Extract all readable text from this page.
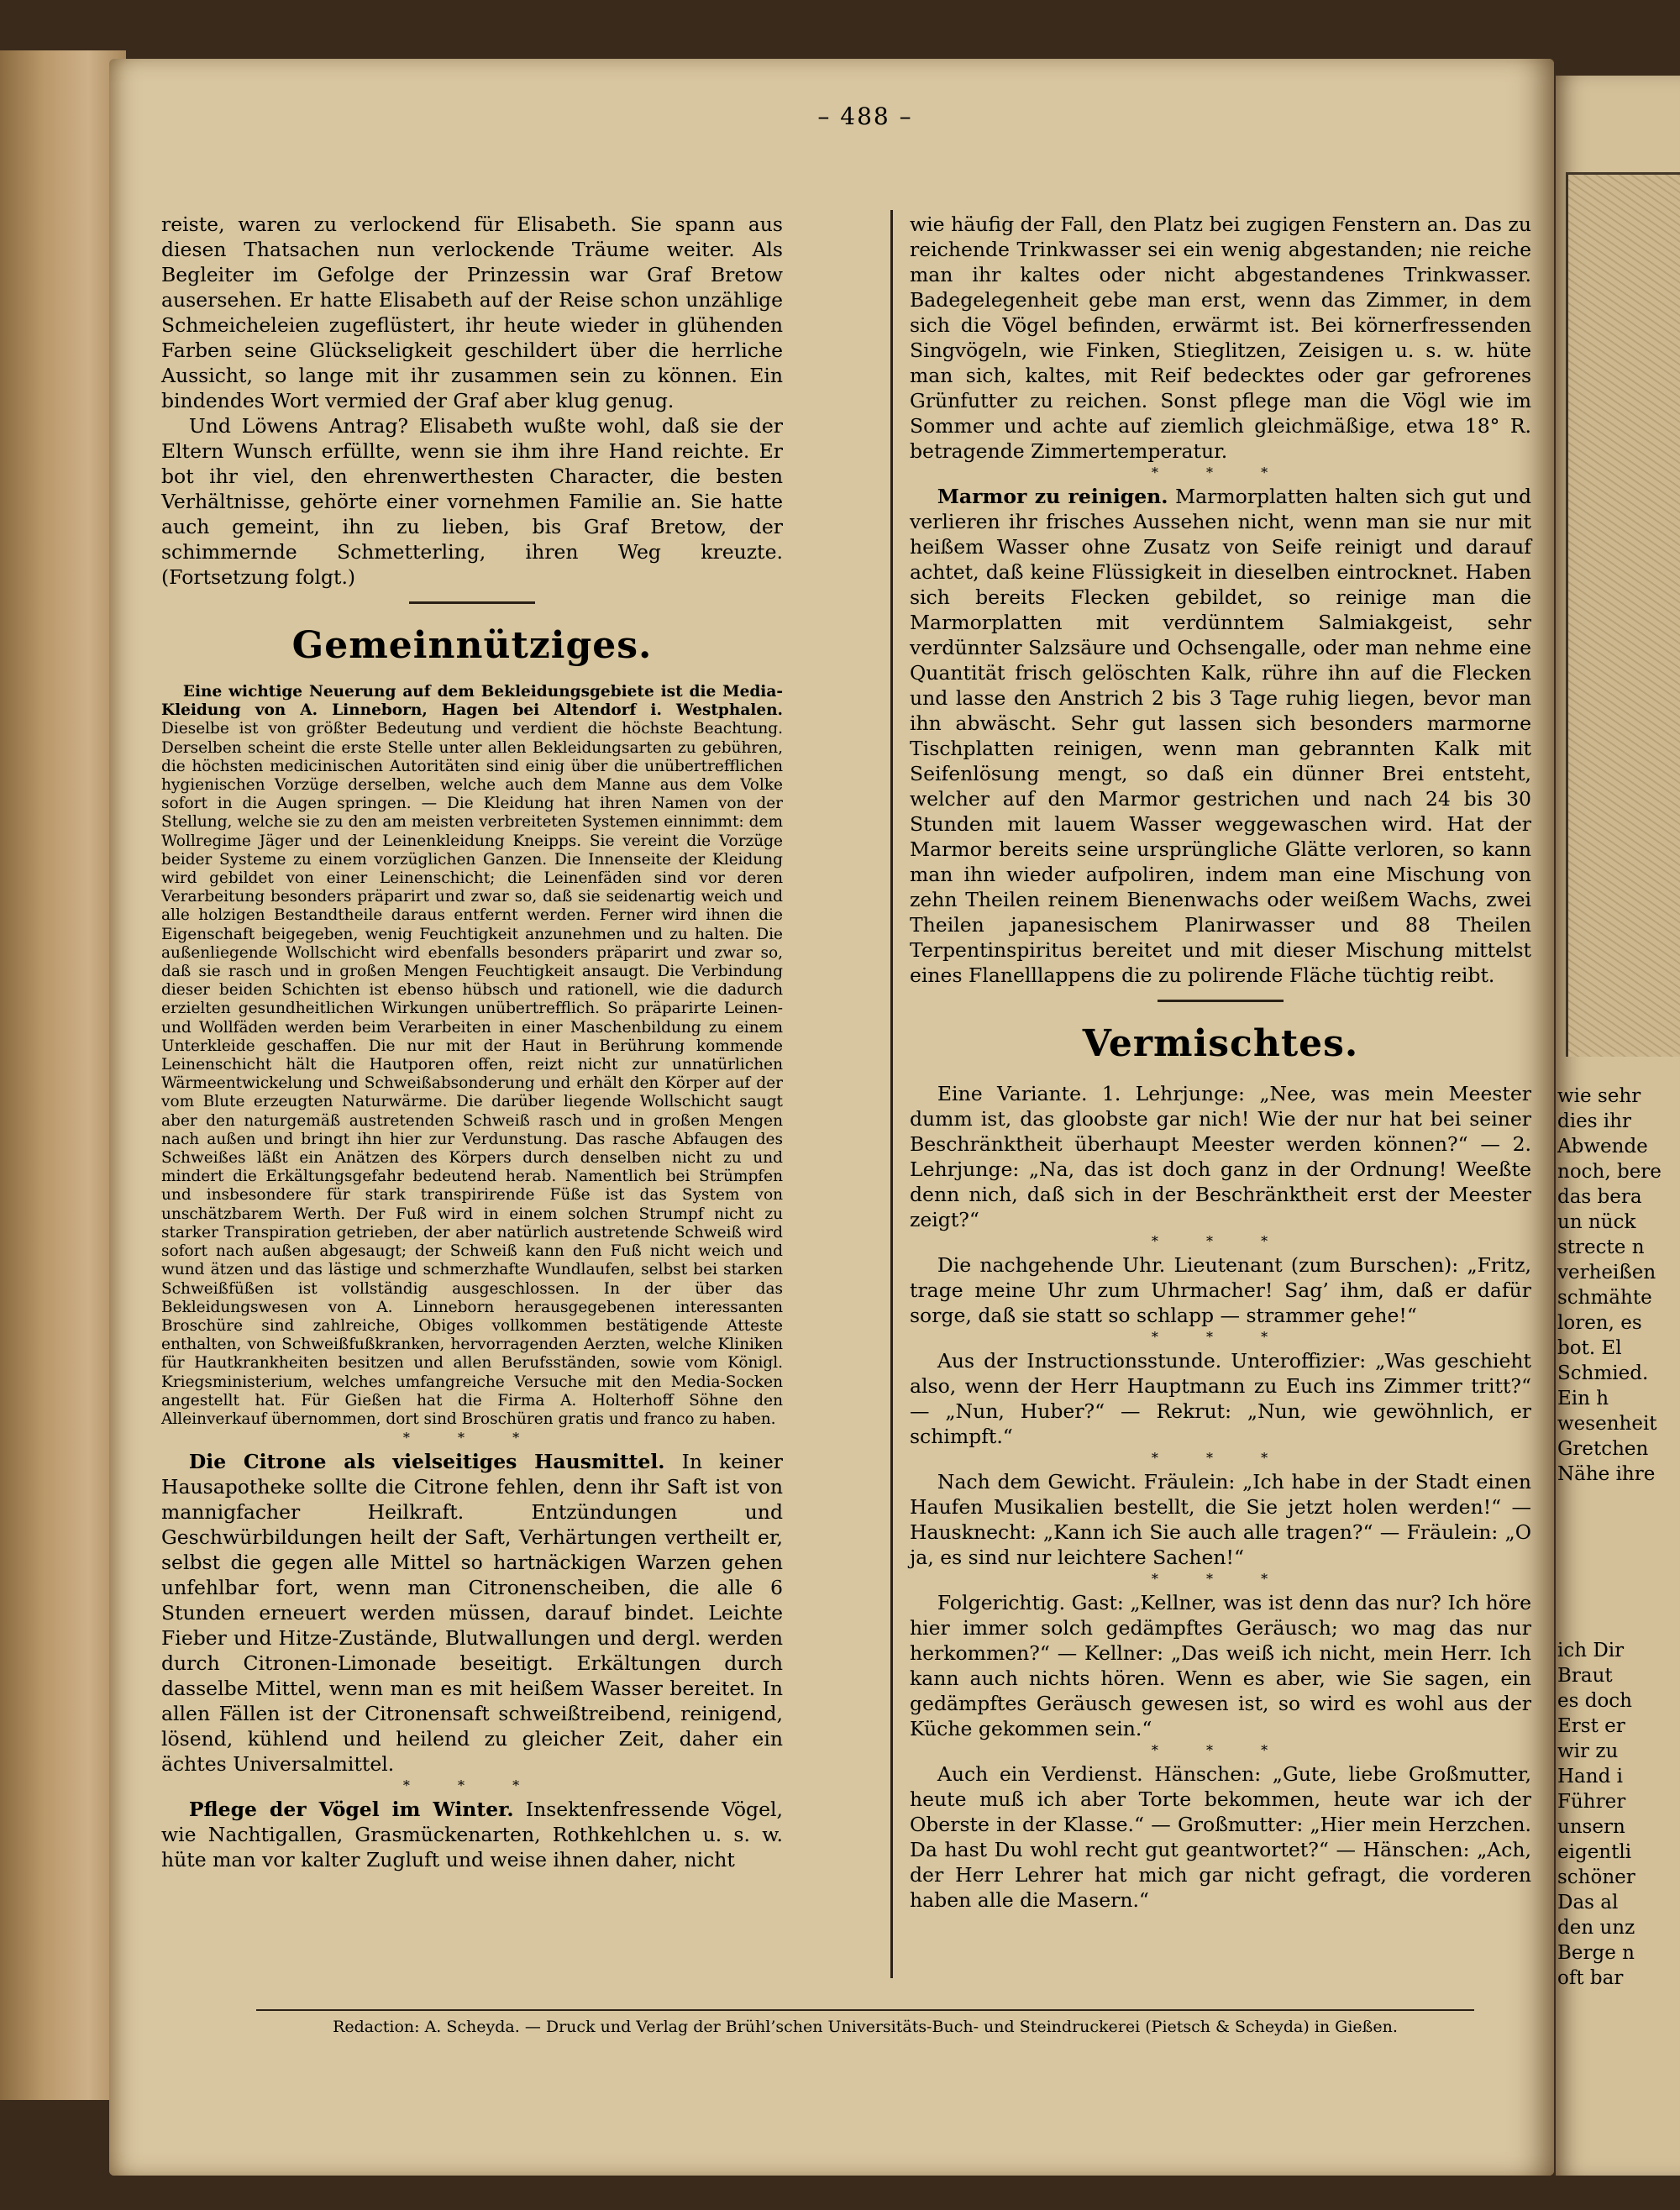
wie sehr
dies ihr
Abwende
noch, bere
das bera
un nück
strecte n
verheißen
schmähte
loren, es
bot. El
Schmied.
Ein h
wesenheit
Gretchen
Nähe ihre
ich Dir
Braut
es doch
Erst er
wir zu
Hand i
Führer
unsern
eigentli
schöner
Das al
den unz
Berge n
oft bar
– 488 –

reiste, waren zu verlockend für Elisabeth. Sie spann aus diesen Thatsachen nun verlockende Träume weiter. Als Begleiter im Gefolge der Prinzessin war Graf Bretow ausersehen. Er hatte Elisabeth auf der Reise schon unzählige Schmeicheleien zugeflüstert, ihr heute wieder in glühenden Farben seine Glückseligkeit geschildert über die herrliche Aussicht, so lange mit ihr zusammen sein zu können. Ein bindendes Wort vermied der Graf aber klug genug.

Und Löwens Antrag? Elisabeth wußte wohl, daß sie der Eltern Wunsch erfüllte, wenn sie ihm ihre Hand reichte. Er bot ihr viel, den ehrenwerthesten Character, die besten Verhältnisse, gehörte einer vornehmen Familie an. Sie hatte auch gemeint, ihn zu lieben, bis Graf Bretow, der schimmernde Schmetterling, ihren Weg kreuzte. (Fortsetzung folgt.)

Gemeinnütziges.

Eine wichtige Neuerung auf dem Bekleidungsgebiete ist die Media-Kleidung von A. Linneborn, Hagen bei Altendorf i. Westphalen. Dieselbe ist von größter Bedeutung und verdient die höchste Beachtung. Derselben scheint die erste Stelle unter allen Bekleidungsarten zu gebühren, die höchsten medicinischen Autoritäten sind einig über die unübertrefflichen hygienischen Vorzüge derselben, welche auch dem Manne aus dem Volke sofort in die Augen springen. — Die Kleidung hat ihren Namen von der Stellung, welche sie zu den am meisten verbreiteten Systemen einnimmt: dem Wollregime Jäger und der Leinenkleidung Kneipps. Sie vereint die Vorzüge beider Systeme zu einem vorzüglichen Ganzen. Die Innenseite der Kleidung wird gebildet von einer Leinenschicht; die Leinenfäden sind vor deren Verarbeitung besonders präparirt und zwar so, daß sie seidenartig weich und alle holzigen Bestandtheile daraus entfernt werden. Ferner wird ihnen die Eigenschaft beigegeben, wenig Feuchtigkeit anzunehmen und zu halten. Die außenliegende Wollschicht wird ebenfalls besonders präparirt und zwar so, daß sie rasch und in großen Mengen Feuchtigkeit ansaugt. Die Verbindung dieser beiden Schichten ist ebenso hübsch und rationell, wie die dadurch erzielten gesundheitlichen Wirkungen unübertrefflich. So präparirte Leinen- und Wollfäden werden beim Verarbeiten in einer Maschenbildung zu einem Unterkleide geschaffen. Die nur mit der Haut in Berührung kommende Leinenschicht hält die Hautporen offen, reizt nicht zur unnatürlichen Wärmeentwickelung und Schweißabsonderung und erhält den Körper auf der vom Blute erzeugten Naturwärme. Die darüber liegende Wollschicht saugt aber den naturgemäß austretenden Schweiß rasch und in großen Mengen nach außen und bringt ihn hier zur Verdunstung. Das rasche Abfaugen des Schweißes läßt ein Anätzen des Körpers durch denselben nicht zu und mindert die Erkältungsgefahr bedeutend herab. Namentlich bei Strümpfen und insbesondere für stark transpirirende Füße ist das System von unschätzbarem Werth. Der Fuß wird in einem solchen Strumpf nicht zu starker Transpiration getrieben, der aber natürlich austretende Schweiß wird sofort nach außen abgesaugt; der Schweiß kann den Fuß nicht weich und wund ätzen und das lästige und schmerzhafte Wundlaufen, selbst bei starken Schweißfüßen ist vollständig ausgeschlossen. In der über das Bekleidungswesen von A. Linneborn herausgegebenen interessanten Broschüre sind zahlreiche, Obiges vollkommen bestätigende Atteste enthalten, von Schweißfußkranken, hervorragenden Aerzten, welche Kliniken für Hautkrankheiten besitzen und allen Berufsständen, sowie vom Königl. Kriegsministerium, welches umfangreiche Versuche mit den Media-Socken angestellt hat. Für Gießen hat die Firma A. Holterhoff Söhne den Alleinverkauf übernommen, dort sind Broschüren gratis und franco zu haben.

* * *

Die Citrone als vielseitiges Hausmittel. In keiner Hausapotheke sollte die Citrone fehlen, denn ihr Saft ist von mannigfacher Heilkraft. Entzündungen und Geschwürbildungen heilt der Saft, Verhärtungen vertheilt er, selbst die gegen alle Mittel so hartnäckigen Warzen gehen unfehlbar fort, wenn man Citronenscheiben, die alle 6 Stunden erneuert werden müssen, darauf bindet. Leichte Fieber und Hitze-Zustände, Blutwallungen und dergl. werden durch Citronen-Limonade beseitigt. Erkältungen durch dasselbe Mittel, wenn man es mit heißem Wasser bereitet. In allen Fällen ist der Citronensaft schweißtreibend, reinigend, lösend, kühlend und heilend zu gleicher Zeit, daher ein ächtes Universalmittel.

* * *

Pflege der Vögel im Winter. Insektenfressende Vögel, wie Nachtigallen, Grasmückenarten, Rothkehlchen u. s. w. hüte man vor kalter Zugluft und weise ihnen daher, nicht

wie häufig der Fall, den Platz bei zugigen Fenstern an. Das zu reichende Trinkwasser sei ein wenig abgestanden; nie reiche man ihr kaltes oder nicht abgestandenes Trinkwasser. Badegelegenheit gebe man erst, wenn das Zimmer, in dem sich die Vögel befinden, erwärmt ist. Bei körnerfressenden Singvögeln, wie Finken, Stieglitzen, Zeisigen u. s. w. hüte man sich, kaltes, mit Reif bedecktes oder gar gefrorenes Grünfutter zu reichen. Sonst pflege man die Vögl wie im Sommer und achte auf ziemlich gleichmäßige, etwa 18° R. betragende Zimmertemperatur.

* * *

Marmor zu reinigen. Marmorplatten halten sich gut und verlieren ihr frisches Aussehen nicht, wenn man sie nur mit heißem Wasser ohne Zusatz von Seife reinigt und darauf achtet, daß keine Flüssigkeit in dieselben eintrocknet. Haben sich bereits Flecken gebildet, so reinige man die Marmorplatten mit verdünntem Salmiakgeist, sehr verdünnter Salzsäure und Ochsengalle, oder man nehme eine Quantität frisch gelöschten Kalk, rühre ihn auf die Flecken und lasse den Anstrich 2 bis 3 Tage ruhig liegen, bevor man ihn abwäscht. Sehr gut lassen sich besonders marmorne Tischplatten reinigen, wenn man gebrannten Kalk mit Seifenlösung mengt, so daß ein dünner Brei entsteht, welcher auf den Marmor gestrichen und nach 24 bis 30 Stunden mit lauem Wasser weggewaschen wird. Hat der Marmor bereits seine ursprüngliche Glätte verloren, so kann man ihn wieder aufpoliren, indem man eine Mischung von zehn Theilen reinem Bienenwachs oder weißem Wachs, zwei Theilen japanesischem Planirwasser und 88 Theilen Terpentinspiritus bereitet und mit dieser Mischung mittelst eines Flanelllappens die zu polirende Fläche tüchtig reibt.

Vermischtes.

Eine Variante. 1. Lehrjunge: „Nee, was mein Meester dumm ist, das gloobste gar nich! Wie der nur hat bei seiner Beschränktheit überhaupt Meester werden können?“ — 2. Lehrjunge: „Na, das ist doch ganz in der Ordnung! Weeßte denn nich, daß sich in der Beschränktheit erst der Meester zeigt?“

* * *

Die nachgehende Uhr. Lieutenant (zum Burschen): „Fritz, trage meine Uhr zum Uhrmacher! Sag’ ihm, daß er dafür sorge, daß sie statt so schlapp — strammer gehe!“

* * *

Aus der Instructionsstunde. Unteroffizier: „Was geschieht also, wenn der Herr Hauptmann zu Euch ins Zimmer tritt?“ — „Nun, Huber?“ — Rekrut: „Nun, wie gewöhnlich, er schimpft.“

* * *

Nach dem Gewicht. Fräulein: „Ich habe in der Stadt einen Haufen Musikalien bestellt, die Sie jetzt holen werden!“ — Hausknecht: „Kann ich Sie auch alle tragen?“ — Fräulein: „O ja, es sind nur leichtere Sachen!“

* * *

Folgerichtig. Gast: „Kellner, was ist denn das nur? Ich höre hier immer solch gedämpftes Geräusch; wo mag das nur herkommen?“ — Kellner: „Das weiß ich nicht, mein Herr. Ich kann auch nichts hören. Wenn es aber, wie Sie sagen, ein gedämpftes Geräusch gewesen ist, so wird es wohl aus der Küche gekommen sein.“

* * *

Auch ein Verdienst. Hänschen: „Gute, liebe Großmutter, heute muß ich aber Torte bekommen, heute war ich der Oberste in der Klasse.“ — Großmutter: „Hier mein Herzchen. Da hast Du wohl recht gut geantwortet?“ — Hänschen: „Ach, der Herr Lehrer hat mich gar nicht gefragt, die vorderen haben alle die Masern.“

Redaction: A. Scheyda. — Druck und Verlag der Brühl’schen Universitäts-Buch- und Steindruckerei (Pietsch & Scheyda) in Gießen.
